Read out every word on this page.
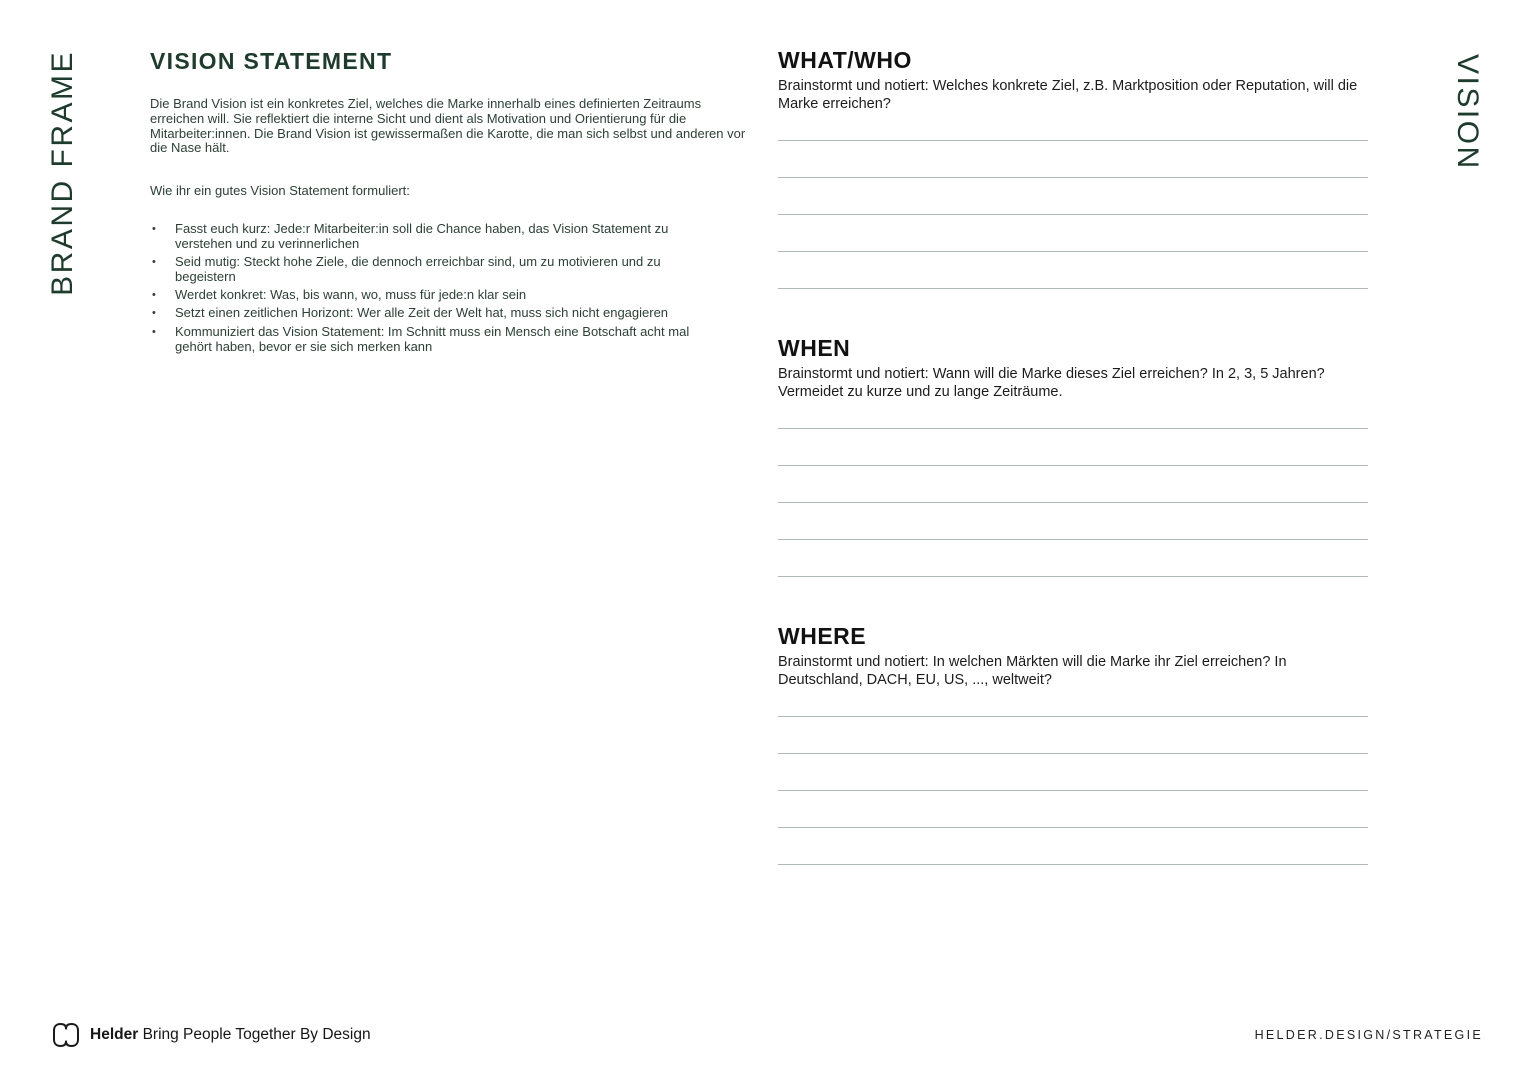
BRAND FRAME	VISION
VISION STATEMENT

Die Brand Vision ist ein konkretes Ziel, welches die Marke innerhalb eines definierten Zeitraums erreichen will. Sie reflektiert die interne Sicht und dient als Motivation und Orientierung für die Mitarbeiter:innen. Die Brand Vision ist gewissermaßen die Karotte, die man sich selbst und anderen vor die Nase hält.

Wie ihr ein gutes Vision Statement formuliert:

• Fasst euch kurz: Jede:r Mitarbeiter:in soll die Chance haben, das Vision Statement zu verstehen und zu verinnerlichen
• Seid mutig: Steckt hohe Ziele, die dennoch erreichbar sind, um zu motivieren und zu begeistern
• Werdet konkret: Was, bis wann, wo, muss für jede:n klar sein
• Setzt einen zeitlichen Horizont: Wer alle Zeit der Welt hat, muss sich nicht engagieren
• Kommuniziert das Vision Statement: Im Schnitt muss ein Mensch eine Botschaft acht mal gehört haben, bevor er sie sich merken kann
WHAT/WHO

Brainstormt und notiert: Welches konkrete Ziel, z.B. Marktposition oder Reputation, will die Marke erreichen?

WHEN

Brainstormt und notiert: Wann will die Marke dieses Ziel erreichen? In 2, 3, 5 Jahren? Vermeidet zu kurze und zu lange Zeiträume.

WHERE

Brainstormt und notiert: In welchen Märkten will die Marke ihr Ziel erreichen? In Deutschland, DACH, EU, US, ..., weltweit?

Helder Bring People Together By Design	HELDER.DESIGN/STRATEGIE
